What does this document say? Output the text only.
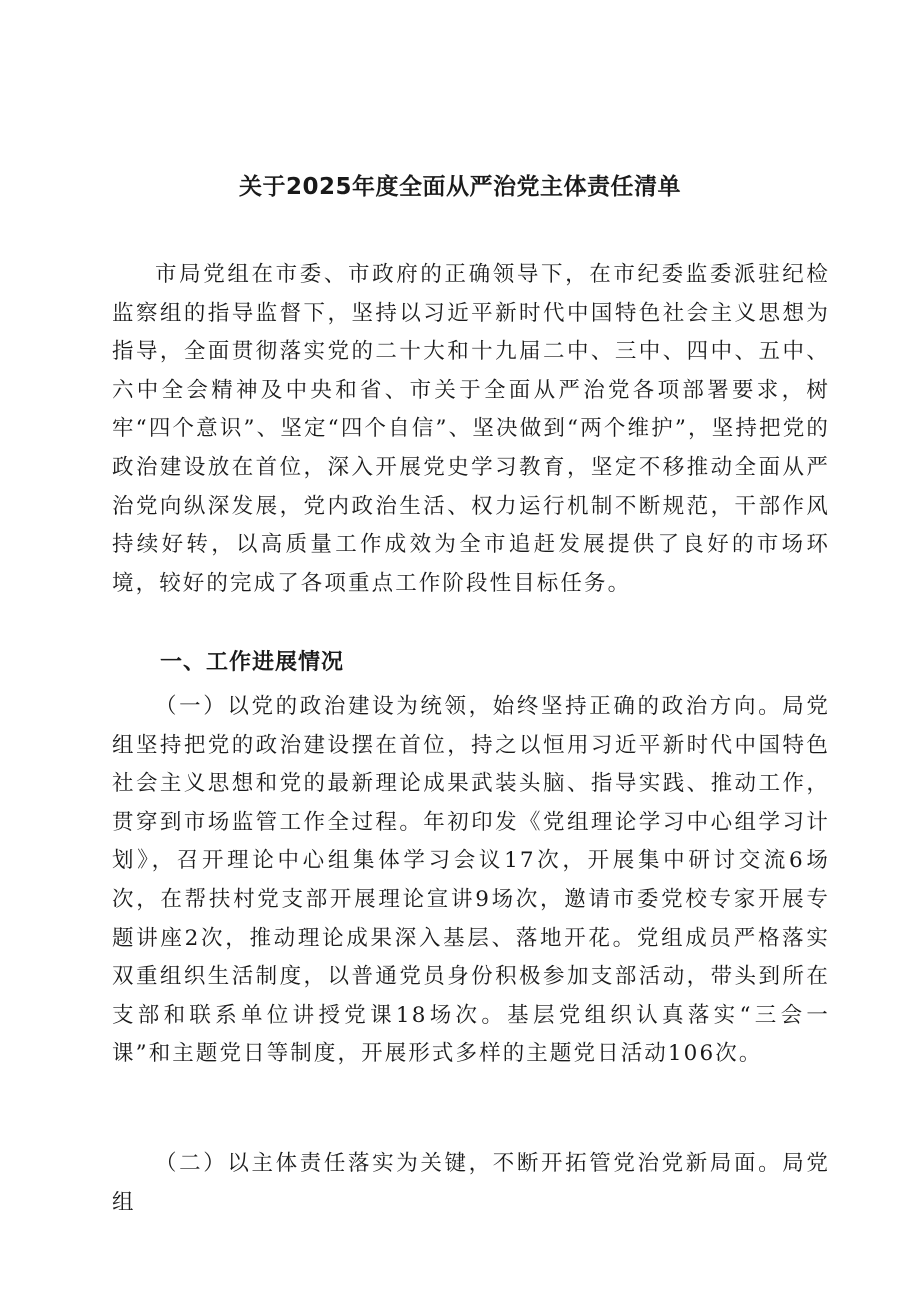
关于2025年度全面从严治党主体责任清单

市局党组在市委、市政府的正确领导下，在市纪委监委派驻纪检监察组的指导监督下，坚持以习近平新时代中国特色社会主义思想为指导，全面贯彻落实党的二十大和十九届二中、三中、四中、五中、六中全会精神及中央和省、市关于全面从严治党各项部署要求，树牢“四个意识”、坚定“四个自信”、坚决做到“两个维护”，坚持把党的政治建设放在首位，深入开展党史学习教育，坚定不移推动全面从严治党向纵深发展，党内政治生活、权力运行机制不断规范，干部作风持续好转，以高质量工作成效为全市追赶发展提供了良好的市场环境，较好的完成了各项重点工作阶段性目标任务。

一、工作进展情况

（一）以党的政治建设为统领，始终坚持正确的政治方向。局党组坚持把党的政治建设摆在首位，持之以恒用习近平新时代中国特色社会主义思想和党的最新理论成果武装头脑、指导实践、推动工作，贯穿到市场监管工作全过程。年初印发《党组理论学习中心组学习计划》，召开理论中心组集体学习会议17次，开展集中研讨交流6场次，在帮扶村党支部开展理论宣讲9场次，邀请市委党校专家开展专题讲座2次，推动理论成果深入基层、落地开花。党组成员严格落实双重组织生活制度，以普通党员身份积极参加支部活动，带头到所在支部和联系单位讲授党课18场次。基层党组织认真落实“三会一课”和主题党日等制度，开展形式多样的主题党日活动106次。

（二）以主体责任落实为关键，不断开拓管党治党新局面。局党组
